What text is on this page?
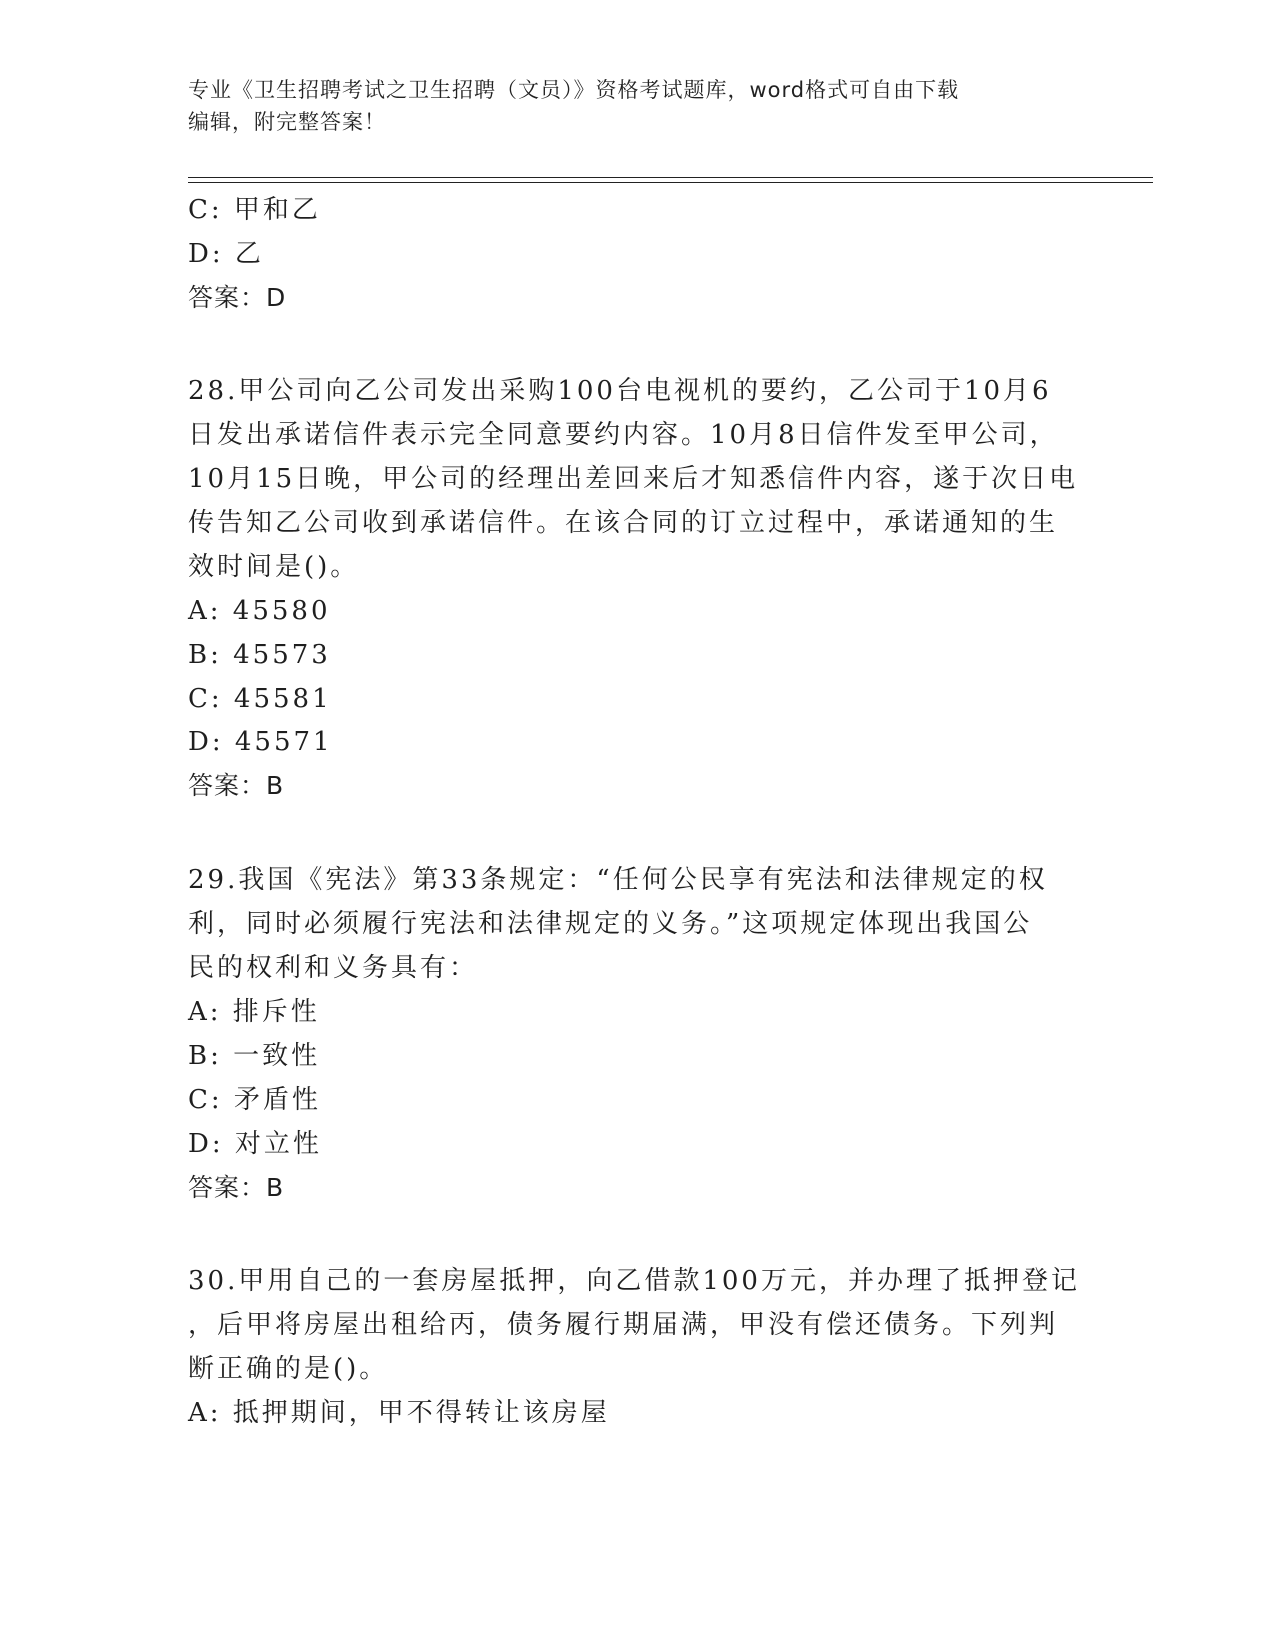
专业《卫生招聘考试之卫生招聘（文员）》资格考试题库，word格式可自由下载
编辑，附完整答案！
C: 甲和乙
D: 乙
答案：D
28.甲公司向乙公司发出采购100台电视机的要约，乙公司于10月6
日发出承诺信件表示完全同意要约内容。10月8日信件发至甲公司，
10月15日晚，甲公司的经理出差回来后才知悉信件内容，遂于次日电
传告知乙公司收到承诺信件。在该合同的订立过程中，承诺通知的生
效时间是()。
A: 45580
B: 45573
C: 45581
D: 45571
答案：B
29.我国《宪法》第33条规定：“任何公民享有宪法和法律规定的权
利，同时必须履行宪法和法律规定的义务。”这项规定体现出我国公
民的权利和义务具有：
A: 排斥性
B: 一致性
C: 矛盾性
D: 对立性
答案：B
30.甲用自己的一套房屋抵押，向乙借款100万元，并办理了抵押登记
，后甲将房屋出租给丙，债务履行期届满，甲没有偿还债务。下列判
断正确的是()。
A: 抵押期间，甲不得转让该房屋
